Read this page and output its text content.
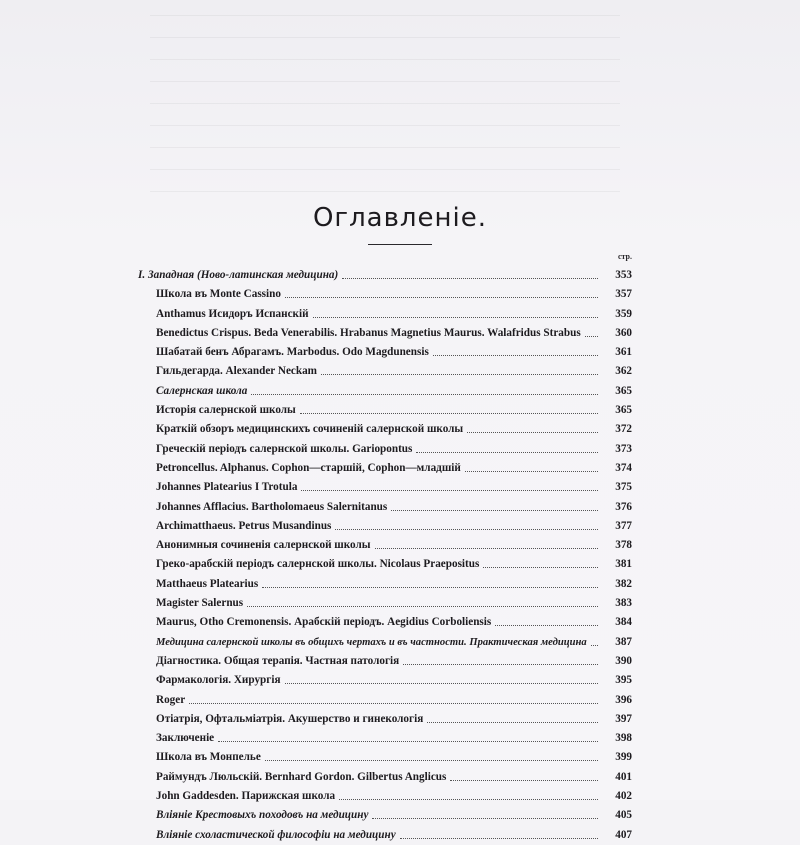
Оглавленіе.
стр.
I. Западная (Ново-латинская медицина)	353
Школа въ Monte Cassino	357
Anthamus Исидоръ Испанскій	359
Benedictus Crispus. Beda Venerabilis. Hrabanus Magnetius Maurus. Walafridus Strabus	360
Шабатай бенъ Абрагамъ. Marbodus. Odo Magdunensis	361
Гильдегарда. Alexander Neckam	362
Салернская школа	365
Исторія салернской школы	365
Краткій обзоръ медицинскихъ сочиненій салернской школы	372
Греческій періодъ салернской школы. Gariopontus	373
Petroncellus. Alphanus. Cophon—старшій, Cophon—младшій	374
Johannes Platearius I Trotula	375
Johannes Afflacius. Bartholomaeus Salernitanus	376
Archimatthaeus. Petrus Musandinus	377
Анонимныя сочиненія салернской школы	378
Греко-арабскій періодъ салернской школы. Nicolaus Praepositus	381
Matthaeus Platearius	382
Magister Salernus	383
Maurus, Otho Cremonensis. Арабскій періодъ. Aegidius Corboliensis	384
Медицина салернской школы въ общихъ чертахъ и въ частности. Практическая медицина	387
Діагностика. Общая терапія. Частная патологія	390
Фармакологія. Хирургія	395
Roger	396
Отіатрія, Офтальміатрія. Акушерство и гинекологія	397
Заключеніе	398
Школа въ Монпелье	399
Раймундъ Люльскій. Bernhard Gordon. Gilbertus Anglicus	401
John Gaddesden. Парижская школа	402
Вліяніе Крестовыхъ походовъ на медицину	405
Вліяніе схоластической философіи на медицину	407
